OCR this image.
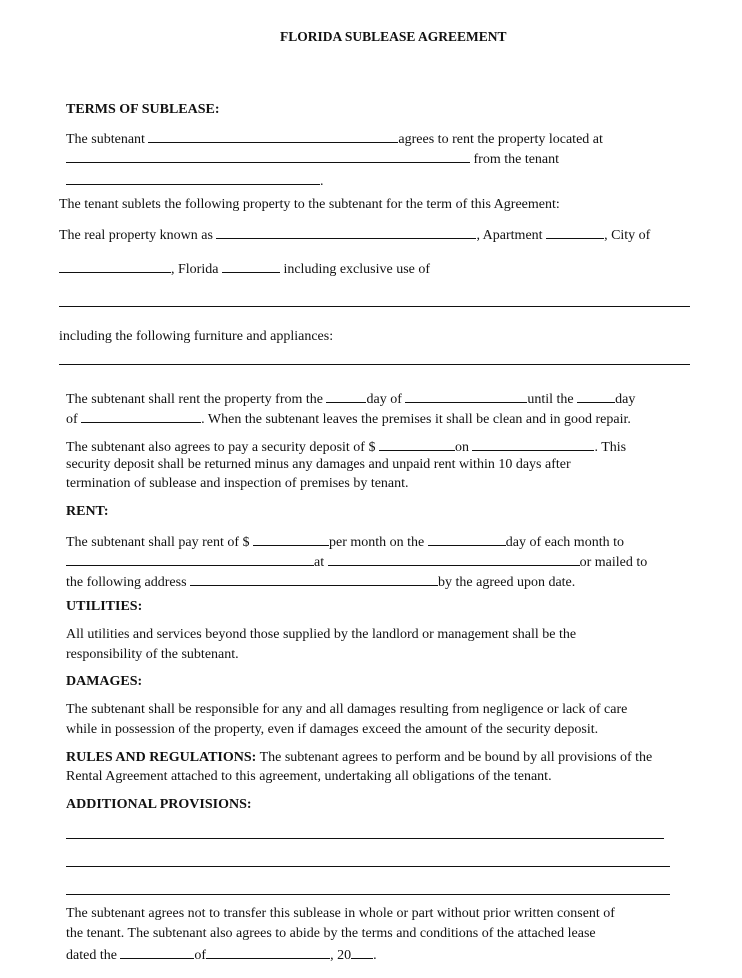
FLORIDA SUBLEASE AGREEMENT
TERMS OF SUBLEASE:
The subtenant	agrees to rent the property located at
from the tenant
.
The tenant sublets the following property to the subtenant for the term of this Agreement:
The real property known as	, Apartment	, City of
, Florida	including exclusive use of
including the following furniture and appliances:
The subtenant shall rent the property from the	day of	until the	day
of	. When the subtenant leaves the premises it shall be clean and in good repair.
The subtenant also agrees to pay a security deposit of $	on	. This
security deposit shall be returned minus any damages and unpaid rent within 10 days after
termination of sublease and inspection of premises by tenant.
RENT:
The subtenant shall pay rent of $	per month on the	day of each month to
at	or mailed to
the following address	by the agreed upon date.
UTILITIES:
All utilities and services beyond those supplied by the landlord or management shall be the
responsibility of the subtenant.
DAMAGES:
The subtenant shall be responsible for any and all damages resulting from negligence or lack of care
while in possession of the property, even if damages exceed the amount of the security deposit.
RULES AND REGULATIONS: The subtenant agrees to perform and be bound by all provisions of the
Rental Agreement attached to this agreement, undertaking all obligations of the tenant.
ADDITIONAL PROVISIONS:
The subtenant agrees not to transfer this sublease in whole or part without prior written consent of
the tenant. The subtenant also agrees to abide by the terms and conditions of the attached lease
dated the	of	, 20 .
